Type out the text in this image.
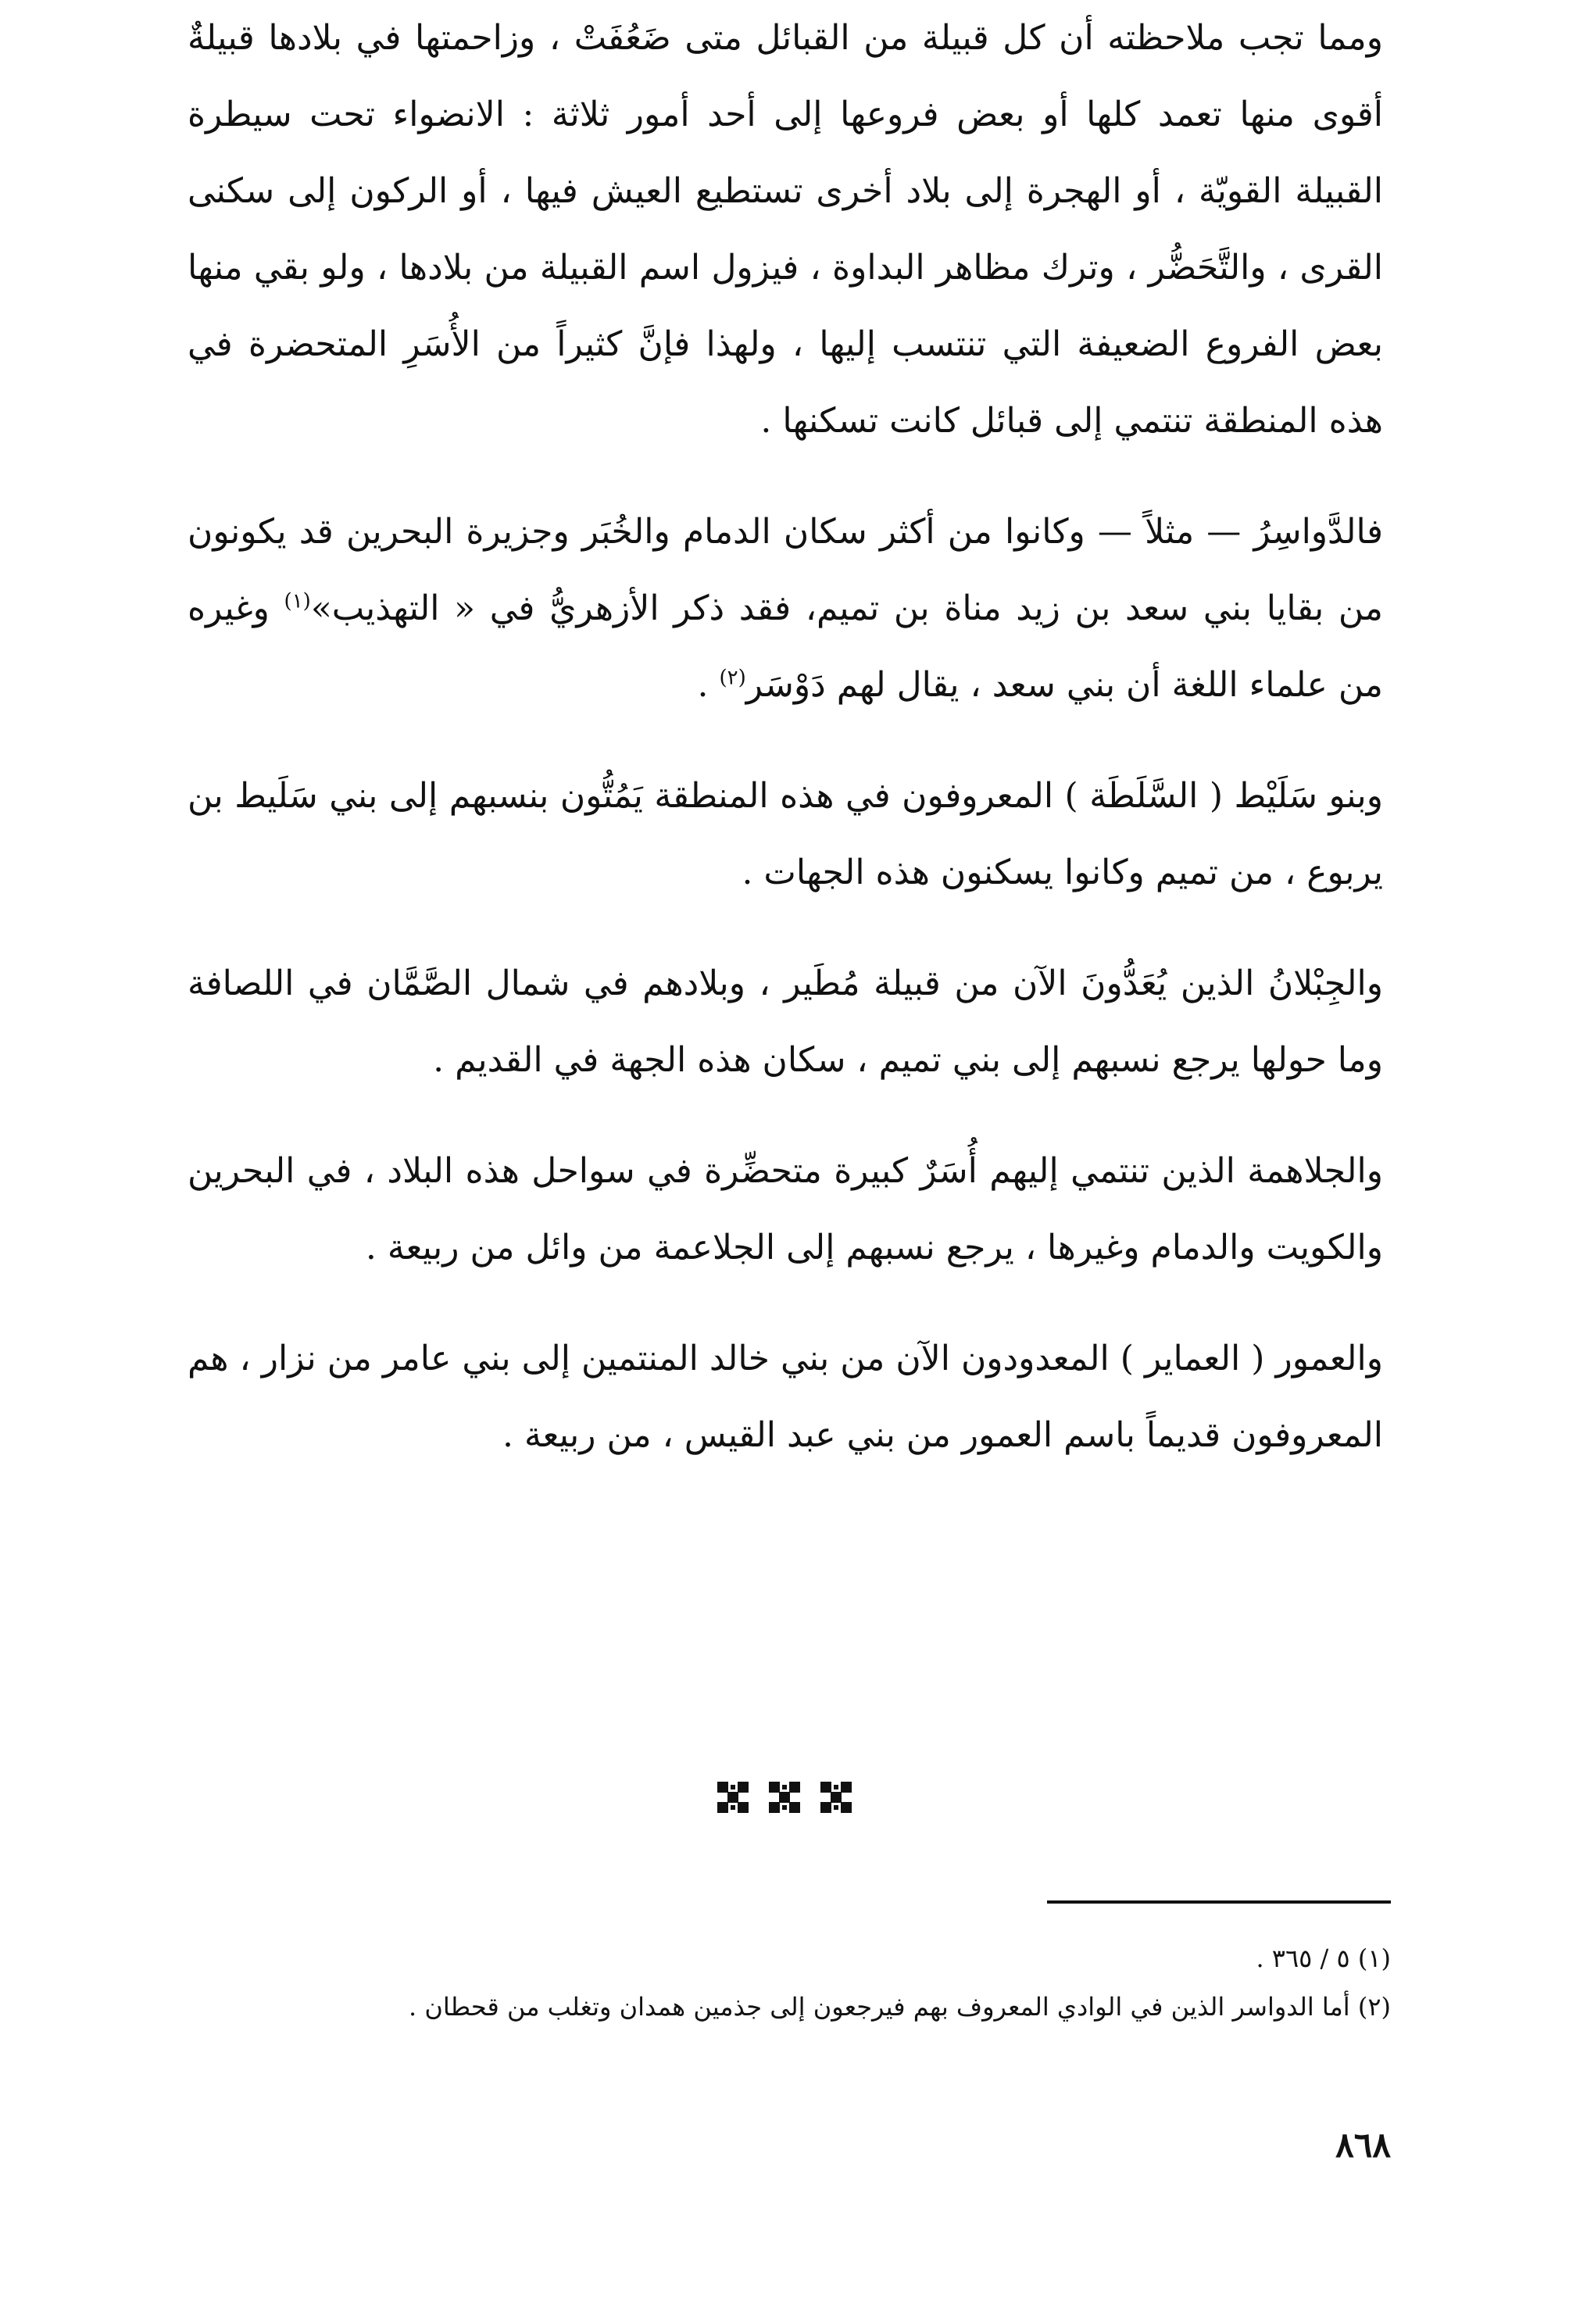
ومما تجب ملاحظته أن كل قبيلة من القبائل متى ضَعُفَتْ ، وزاحمتها في بلادها قبيلةٌ أقوى منها تعمد كلها أو بعض فروعها إلى أحد أمور ثلاثة : الانضواء تحت سيطرة القبيلة القويّة ، أو الهجرة إلى بلاد أخرى تستطيع العيش فيها ، أو الركون إلى سكنى القرى ، والتَّحَضُّر ، وترك مظاهر البداوة ، فيزول اسم القبيلة من بلادها ، ولو بقي منها بعض الفروع الضعيفة التي تنتسب إليها ، ولهذا فإنَّ كثيراً من الأُسَرِ المتحضرة في هذه المنطقة تنتمي إلى قبائل كانت تسكنها .

فالدَّواسِرُ — مثلاً — وكانوا من أكثر سكان الدمام والخُبَر وجزيرة البحرين قد يكونون من بقايا بني سعد بن زيد مناة بن تميم، فقد ذكر الأزهريُّ في « التهذيب»$^{(١)}$ وغيره من علماء اللغة أن بني سعد ، يقال لهم دَوْسَر$^{(٢)}$ .

وبنو سَلَيْط ( السَّلَطَة ) المعروفون في هذه المنطقة يَمُتُّون بنسبهم إلى بني سَلَيط بن يربوع ، من تميم وكانوا يسكنون هذه الجهات .

والجِبْلانُ الذين يُعَدُّونَ الآن من قبيلة مُطَير ، وبلادهم في شمال الصَّمَّان في اللصافة وما حولها يرجع نسبهم إلى بني تميم ، سكان هذه الجهة في القديم .

والجلاهمة الذين تنتمي إليهم أُسَرٌ كبيرة متحضِّرة في سواحل هذه البلاد ، في البحرين والكويت والدمام وغيرها ، يرجع نسبهم إلى الجلاعمة من وائل من ربيعة .

والعمور ( العماير ) المعدودون الآن من بني خالد المنتمين إلى بني عامر من نزار ، هم المعروفون قديماً باسم العمور من بني عبد القيس ، من ربيعة .

(١) ٥ / ٣٦٥ .

(٢) أما الدواسر الذين في الوادي المعروف بهم فيرجعون إلى جذمين همدان وتغلب من قحطان .

٨٦٨
